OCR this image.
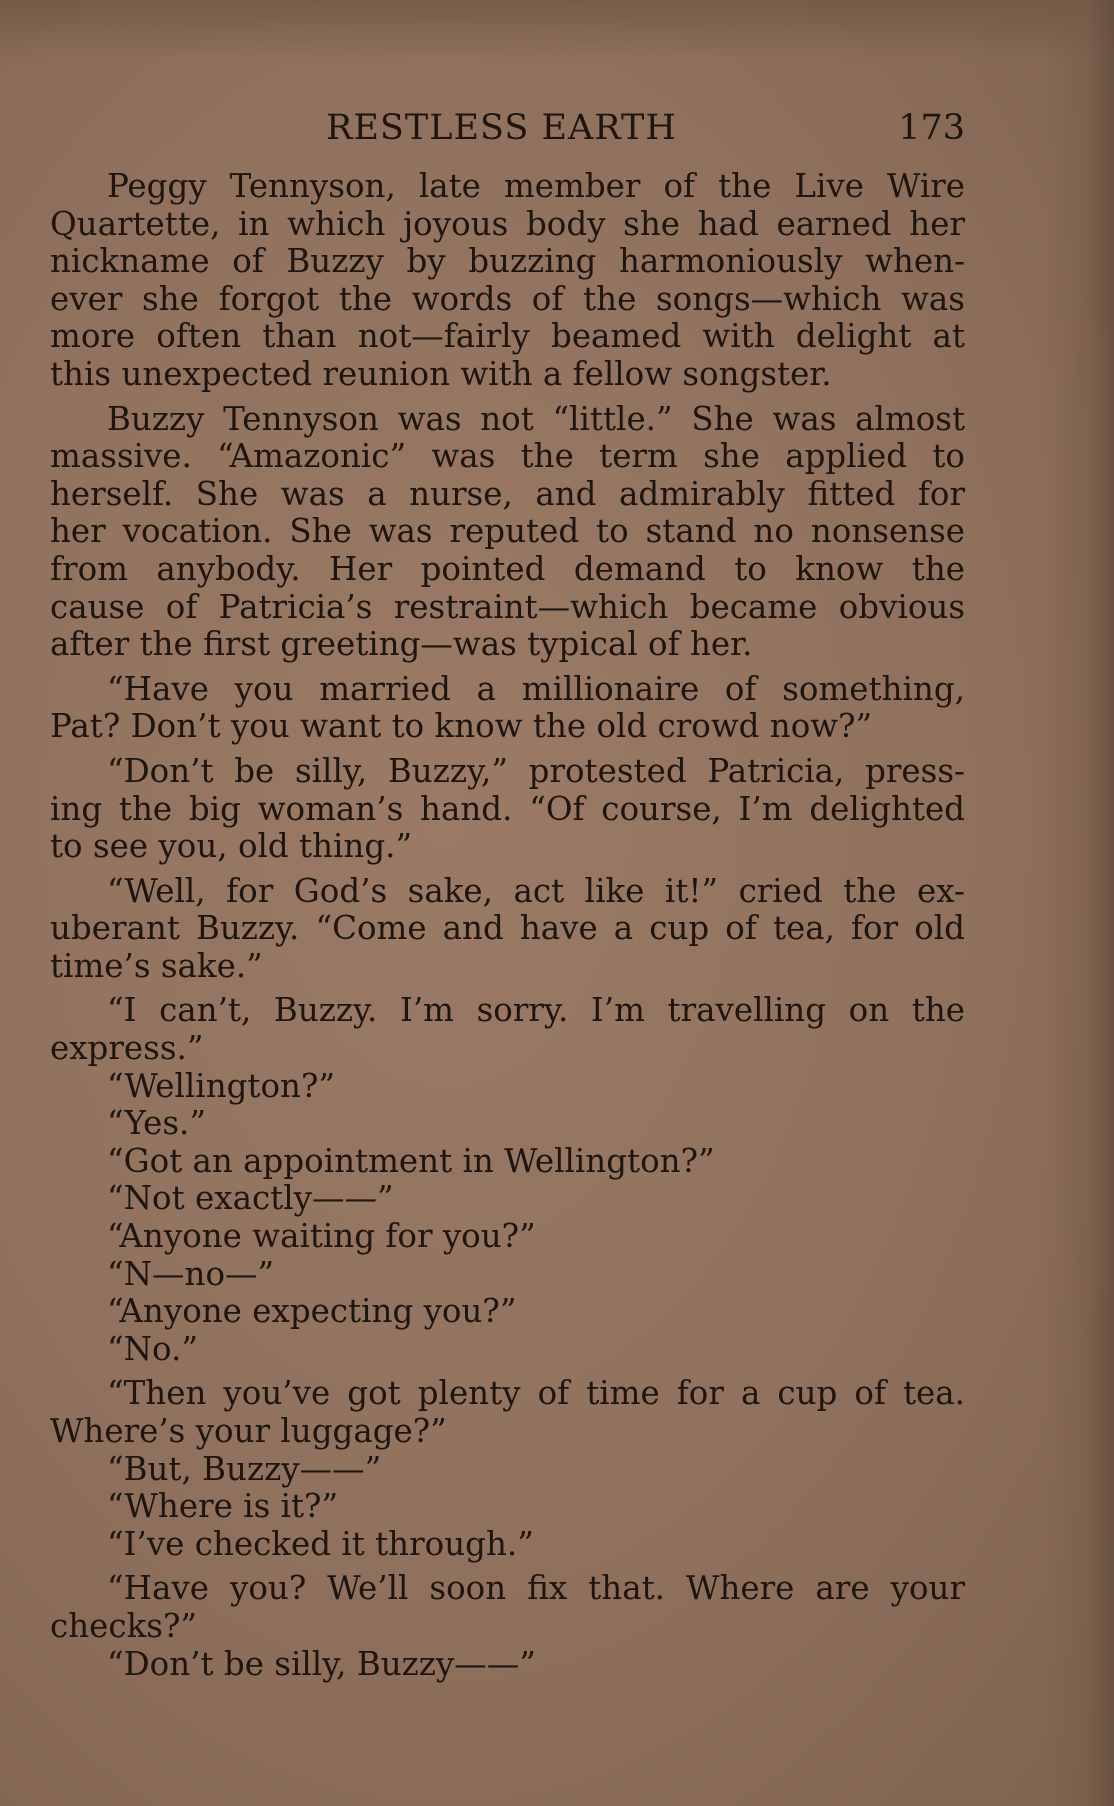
RESTLESS EARTH	173
Peggy Tennyson, late member of the Live Wire
Quartette, in which joyous body she had earned her
nickname of Buzzy by buzzing harmoniously when-
ever she forgot the words of the songs—which was
more often than not—fairly beamed with delight at
this unexpected reunion with a fellow songster.
Buzzy Tennyson was not “little.” She was almost
massive. “Amazonic” was the term she applied to
herself. She was a nurse, and admirably fitted for
her vocation. She was reputed to stand no nonsense
from anybody. Her pointed demand to know the
cause of Patricia’s restraint—which became obvious
after the first greeting—was typical of her.
“Have you married a millionaire of something,
Pat? Don’t you want to know the old crowd now?”
“Don’t be silly, Buzzy,” protested Patricia, press-
ing the big woman’s hand. “Of course, I’m delighted
to see you, old thing.”
“Well, for God’s sake, act like it!” cried the ex-
uberant Buzzy. “Come and have a cup of tea, for old
time’s sake.”
“I can’t, Buzzy. I’m sorry. I’m travelling on the
express.”
“Wellington?”
“Yes.”
“Got an appointment in Wellington?”
“Not exactly——”
“Anyone waiting for you?”
“N—no—”
“Anyone expecting you?”
“No.”
“Then you’ve got plenty of time for a cup of tea.
Where’s your luggage?”
“But, Buzzy——”
“Where is it?”
“I’ve checked it through.”
“Have you? We’ll soon fix that. Where are your
checks?”
“Don’t be silly, Buzzy——”
